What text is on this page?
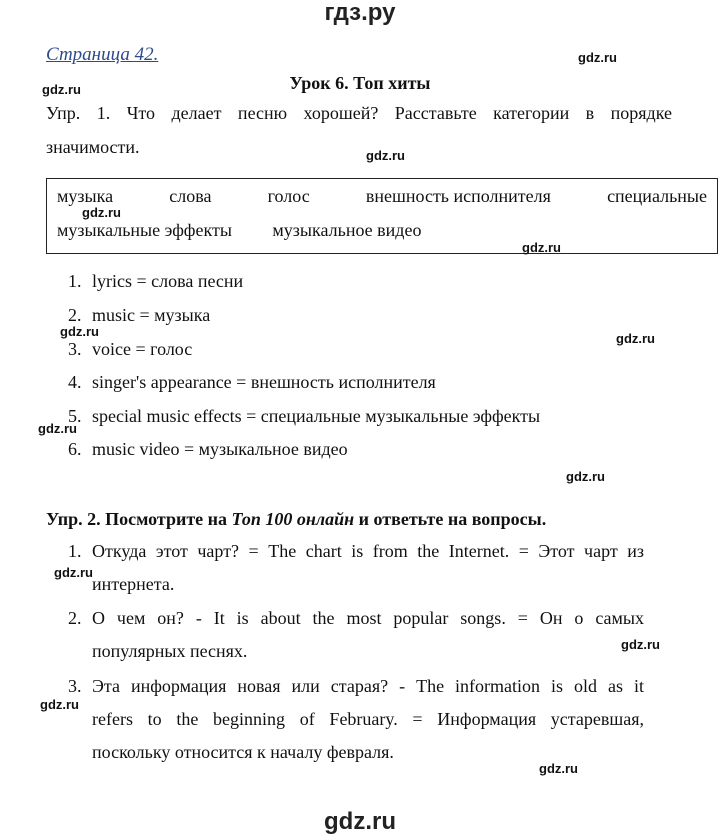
гдз.ру
Страница 42.
Урок 6. Топ хиты
Упр. 1. Что делает песню хорошей? Расставьте категории в порядке
значимости.
музыка	слова	голос	внешность исполнителя	специальные
музыкальные эффекты         музыкальное видео
1. lyrics = слова песни
2. music = музыка
3. voice = голос
4. singer's appearance = внешность исполнителя
5. special music effects = специальные музыкальные эффекты
6. music video = музыкальное видео
Упр. 2. Посмотрите на Топ 100 онлайн и ответьте на вопросы.
1. Откуда этот чарт? = The chart is from the Internet. = Этот чарт из
интернета.
2. О чем он? - It is about the most popular songs. = Он о самых
популярных песнях.
3. Эта информация новая или старая? - The information is old as it
refers to the beginning of February. = Информация устаревшая,
поскольку относится к началу февраля.
gdz.ru
gdz.ru
gdz.ru
gdz.ru
gdz.ru
gdz.ru	gdz.ru
gdz.ru
gdz.ru
gdz.ru
gdz.ru
gdz.ru
gdz.ru
gdz.ru
